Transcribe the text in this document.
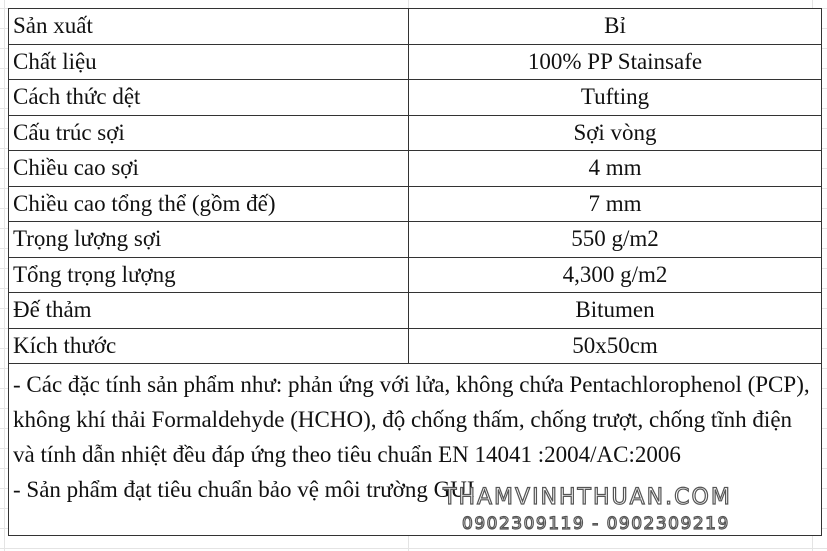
Sản xuất	Bỉ
Chất liệu	100% PP Stainsafe
Cách thức dệt	Tufting
Cấu trúc sợi	Sợi vòng
Chiều cao sợi	4 mm
Chiều cao tổng thể (gồm đế)	7 mm
Trọng lượng sợi	550 g/m2
Tổng trọng lượng	4,300 g/m2
Đế thảm	Bitumen
Kích thước	50x50cm
- Các đặc tính sản phẩm như: phản ứng với lửa, không chứa Pentachlorophenol (PCP), không khí thải Formaldehyde (HCHO), độ chống thấm, chống trượt, chống tĩnh điện và tính dẫn nhiệt đều đáp ứng theo tiêu chuẩn EN 14041 :2004/AC:2006
- Sản phẩm đạt tiêu chuẩn bảo vệ môi trường GUI
THAMVINHTHUAN.COM
0902309119 - 0902309219
